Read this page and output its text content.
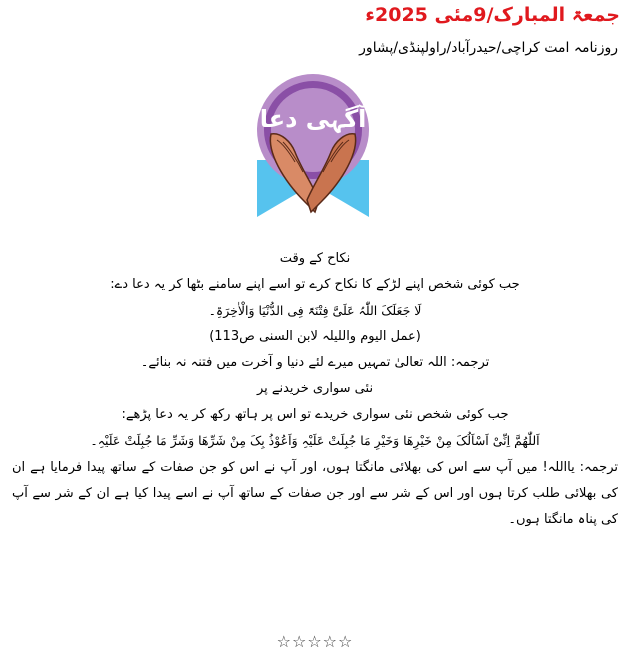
جمعۃ المبارک/9مئی 2025ء
روزنامہ امت کراچی/حیدرآباد/راولپنڈی/پشاور
آگہی دعا
نکاح کے وقت
جب کوئی شخص اپنے لڑکے کا نکاح کرے تو اسے اپنے سامنے بٹھا کر یہ دعا دے:
لَا جَعَلَکَ اللّٰہُ عَلَیَّ فِتْنَۃً فِی الدُّنْیَا وَالْاٰخِرَۃِ۔
(عمل الیوم واللیلہ لابن السنی ص113)
ترجمہ: اللہ تعالیٰ تمہیں میرے لئے دنیا و آخرت میں فتنہ نہ بنائے۔
نئی سواری خریدنے پر
جب کوئی شخص نئی سواری خریدے تو اس پر ہاتھ رکھ کر یہ دعا پڑھے:
اَللّٰھُمَّ اِنِّیْ اَسْاَلُکَ مِنْ خَیْرِھَا وَخَیْرِ مَا جُبِلَتْ عَلَیْہِ وَاَعُوْذُ بِکَ مِنْ شَرِّھَا وَشَرِّ مَا جُبِلَتْ عَلَیْہِ۔
ترجمہ: یااللہ! میں آپ سے اس کی بھلائی مانگتا ہوں، اور آپ نے اس کو جن صفات کے ساتھ پیدا فرمایا ہے ان کی بھلائی طلب کرتا ہوں اور اس کے شر سے اور جن صفات کے ساتھ آپ نے اسے پیدا کیا ہے ان کے شر سے آپ کی پناہ مانگتا ہوں۔
☆☆☆☆☆
